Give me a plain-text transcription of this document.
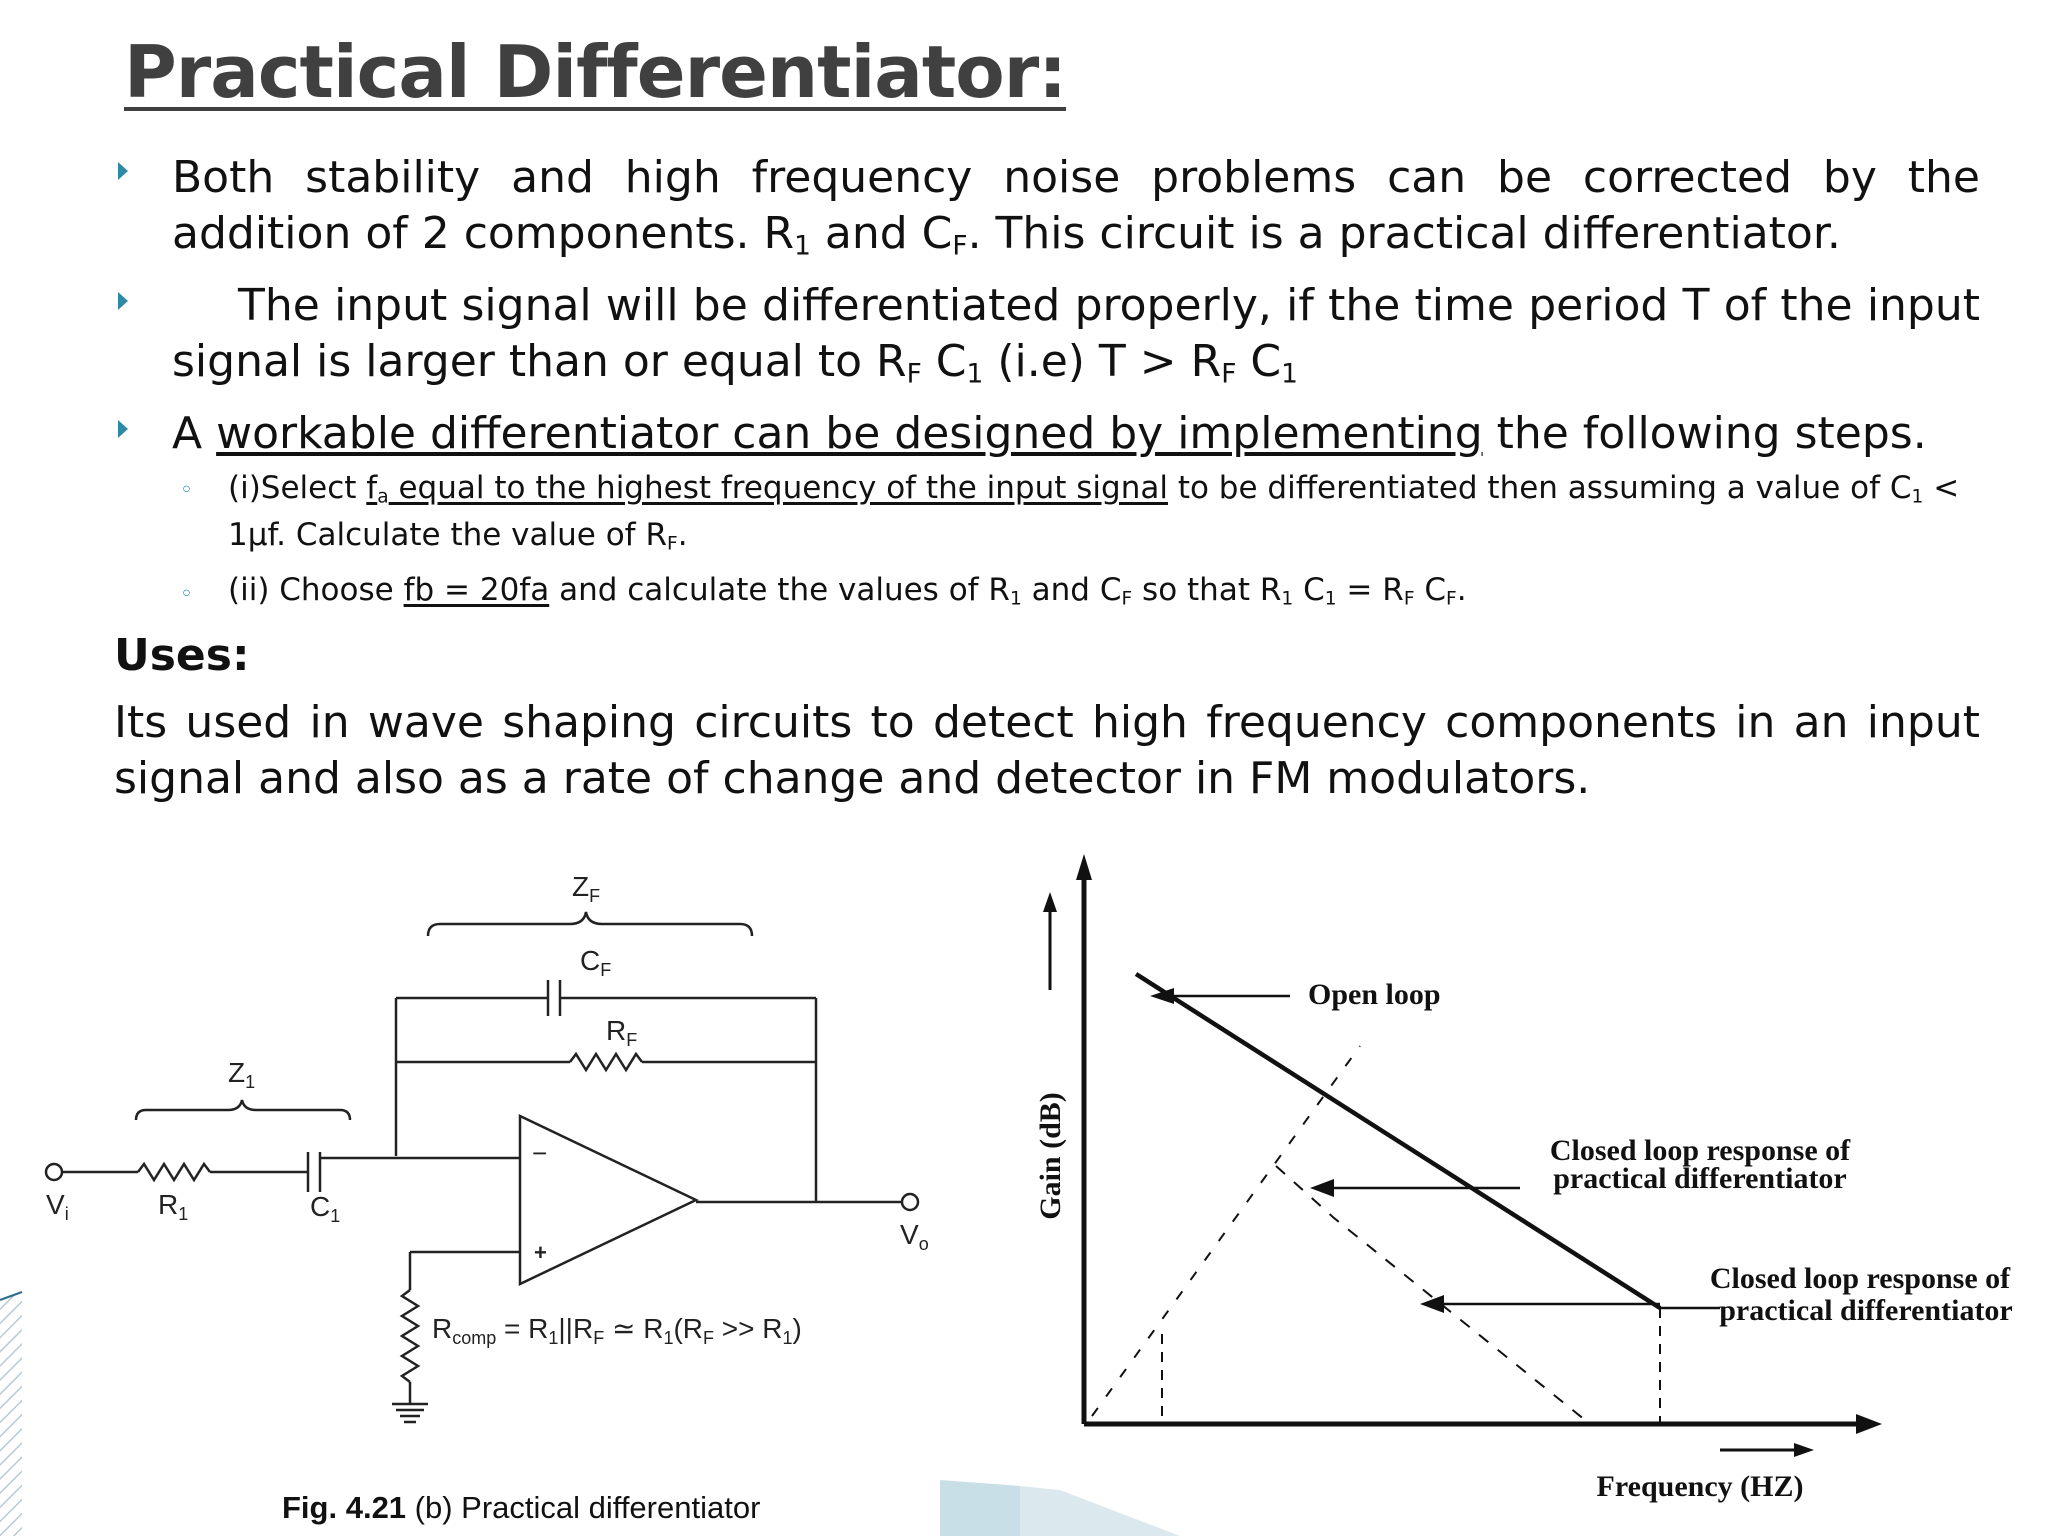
Practical Differentiator:
Both stability and high frequency noise problems can be corrected by the addition of 2 components. $R_1$ and $C_F$. This circuit is a practical differentiator.
The input signal will be differentiated properly, if the time period T of the input signal is larger than or equal to $R_F$ $C_1$ (i.e) $T > R_F$ $C_1$
A workable differentiator can be designed by implementing the following steps.
◦ (i)Select $f_a$ equal to the highest frequency of the input signal to be differentiated then assuming a value of $C_1 < 1\mu f$. Calculate the value of $R_F$.
◦ (ii) Choose fb = 20fa and calculate the values of $R_1$ and $C_F$ so that $R_1$ $C_1 = R_F$ $C_F$.
Uses:
Its used in wave shaping circuits to detect high frequency components in an input signal and also as a rate of change and detector in FM modulators.
$Z_F$
$C_F$
$R_F$
$Z_1$
$R_1$	$C_1$
$V_i$
$V_o$
−
+
$R_{comp} = R_1||R_F$ ≃ $R_1(R_F >> R_1)$
Fig. 4.21 (b) Practical differentiator
Gain (dB)
Frequency (HZ)
Open loop
Closed loop response of
practical differentiator
Closed loop response of
practical differentiator
